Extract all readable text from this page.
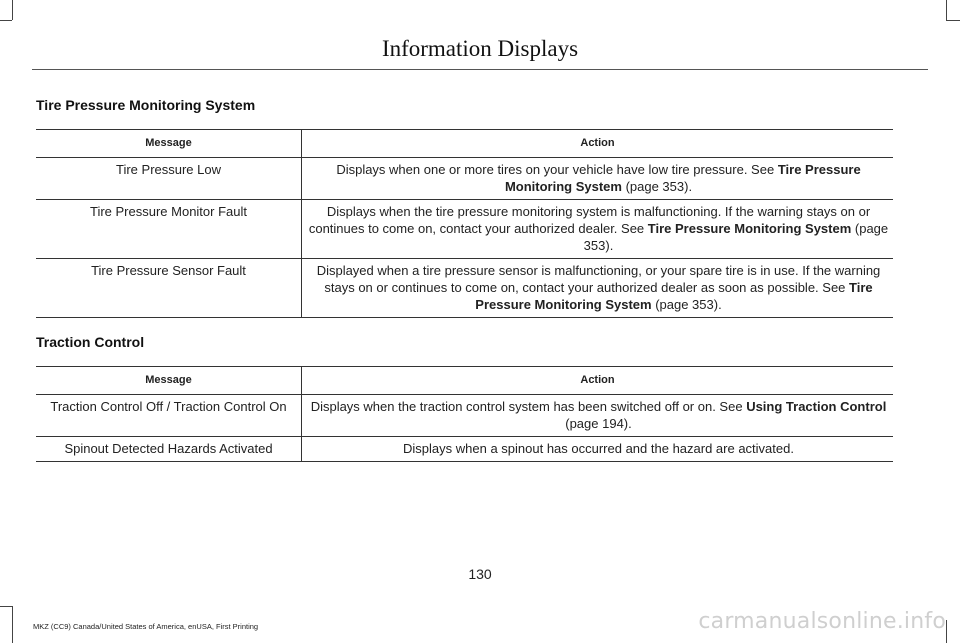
Information Displays
Tire Pressure Monitoring System
Message	Action
Tire Pressure Low	Displays when one or more tires on your vehicle have low tire pressure. See Tire Pressure Monitoring System (page 353).
Tire Pressure Monitor Fault	Displays when the tire pressure monitoring system is malfunctioning. If the warning stays on or continues to come on, contact your authorized dealer. See Tire Pressure Monitoring System (page 353).
Tire Pressure Sensor Fault	Displayed when a tire pressure sensor is malfunctioning, or your spare tire is in use. If the warning stays on or continues to come on, contact your authorized dealer as soon as possible. See Tire Pressure Monitoring System (page 353).
Traction Control
Message	Action
Traction Control Off / Traction Control On	Displays when the traction control system has been switched off or on. See Using Traction Control (page 194).
Spinout Detected Hazards Activated	Displays when a spinout has occurred and the hazard are activated.
130
MKZ (CC9) Canada/United States of America, enUSA, First Printing	carmanualsonline.info
